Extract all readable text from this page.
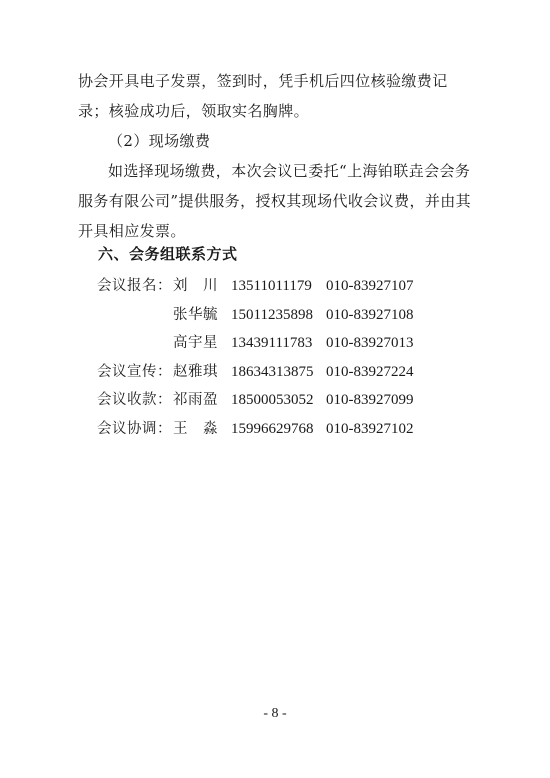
协会开具电子发票，签到时，凭手机后四位核验缴费记录；核验成功后，领取实名胸牌。

（2）现场缴费

如选择现场缴费，本次会议已委托“上海铂联垚会会务服务有限公司”提供服务，授权其现场代收会议费，并由其开具相应发票。

六、会务组联系方式
会议报名： 刘　川 13511011179 010-83927107
张华毓 15011235898 010-83927108
高宇星 13439111783 010-83927013
会议宣传： 赵雅琪 18634313875 010-83927224
会议收款： 祁雨盈 18500053052 010-83927099
会议协调： 王　淼 15996629768 010-83927102
- 8 -
